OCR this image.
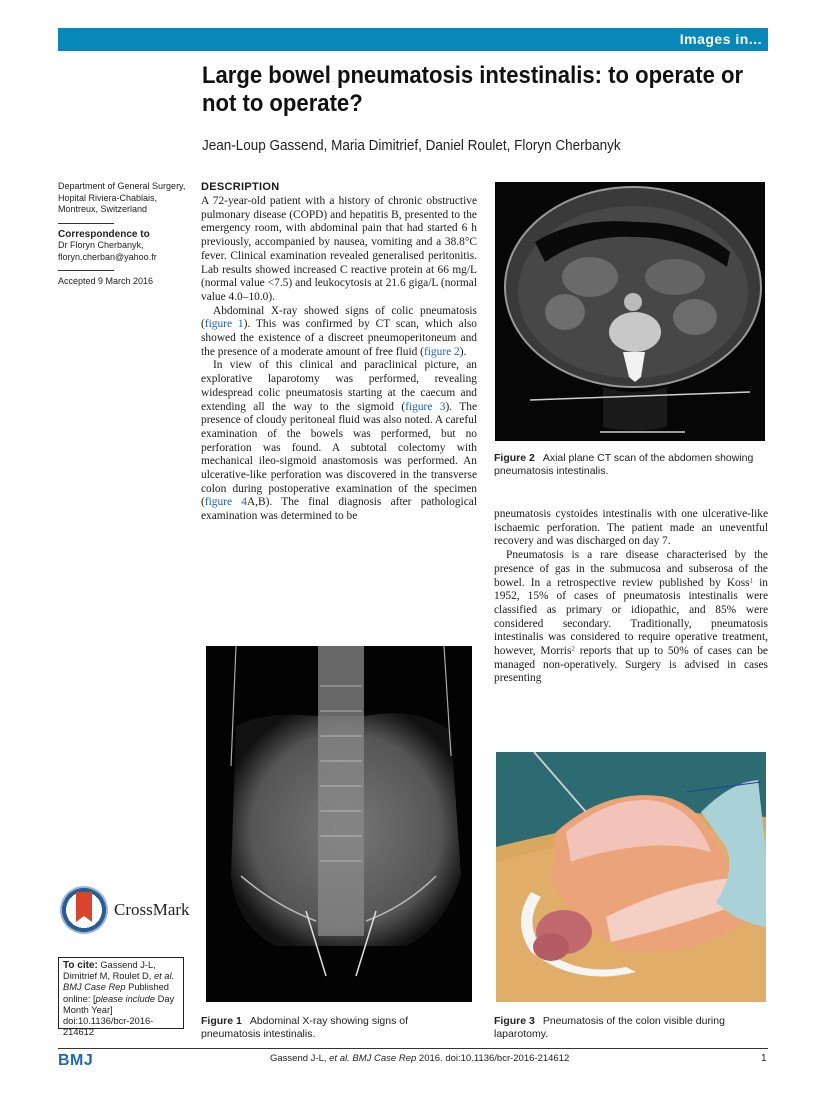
Images in...
Large bowel pneumatosis intestinalis: to operate or not to operate?
Jean-Loup Gassend, Maria Dimitrief, Daniel Roulet, Floryn Cherbanyk
Department of General Surgery, Hopital Riviera-Chablais, Montreux, Switzerland
Correspondence to
Dr Floryn Cherbanyk,
floryn.cherban@yahoo.fr
Accepted 9 March 2016
DESCRIPTION

A 72-year-old patient with a history of chronic obstructive pulmonary disease (COPD) and hepatitis B, presented to the emergency room, with abdominal pain that had started 6 h previously, accompanied by nausea, vomiting and a 38.8°C fever. Clinical examination revealed generalised peritonitis. Lab results showed increased C reactive protein at 66 mg/L (normal value <7.5) and leukocytosis at 21.6 giga/L (normal value 4.0–10.0).

Abdominal X-ray showed signs of colic pneumatosis (figure 1). This was confirmed by CT scan, which also showed the existence of a discreet pneumoperitoneum and the presence of a moderate amount of free fluid (figure 2).

In view of this clinical and paraclinical picture, an explorative laparotomy was performed, revealing widespread colic pneumatosis starting at the caecum and extending all the way to the sigmoid (figure 3). The presence of cloudy peritoneal fluid was also noted. A careful examination of the bowels was performed, but no perforation was found. A subtotal colectomy with mechanical ileo-sigmoid anastomosis was performed. An ulcerative-like perforation was discovered in the transverse colon during postoperative examination of the specimen (figure 4A,B). The final diagnosis after pathological examination was determined to be

Figure 2 Axial plane CT scan of the abdomen showing pneumatosis intestinalis.

pneumatosis cystoides intestinalis with one ulcerative-like ischaemic perforation. The patient made an uneventful recovery and was discharged on day 7.

Pneumatosis is a rare disease characterised by the presence of gas in the submucosa and subserosa of the bowel. In a retrospective review published by Koss$^1$ in 1952, 15% of cases of pneumatosis intestinalis were classified as primary or idiopathic, and 85% were considered secondary. Traditionally, pneumatosis intestinalis was considered to require operative treatment, however, Morris$^2$ reports that up to 50% of cases can be managed non-operatively. Surgery is advised in cases presenting

Figure 1 Abdominal X-ray showing signs of pneumatosis intestinalis.
Figure 3 Pneumatosis of the colon visible during laparotomy.
CrossMark
To cite: Gassend J-L, Dimitrief M, Roulet D, et al. BMJ Case Rep Published online: [please include Day Month Year] doi:10.1136/bcr-2016-214612
BMJ	Gassend J-L, et al. BMJ Case Rep 2016. doi:10.1136/bcr-2016-214612	1
